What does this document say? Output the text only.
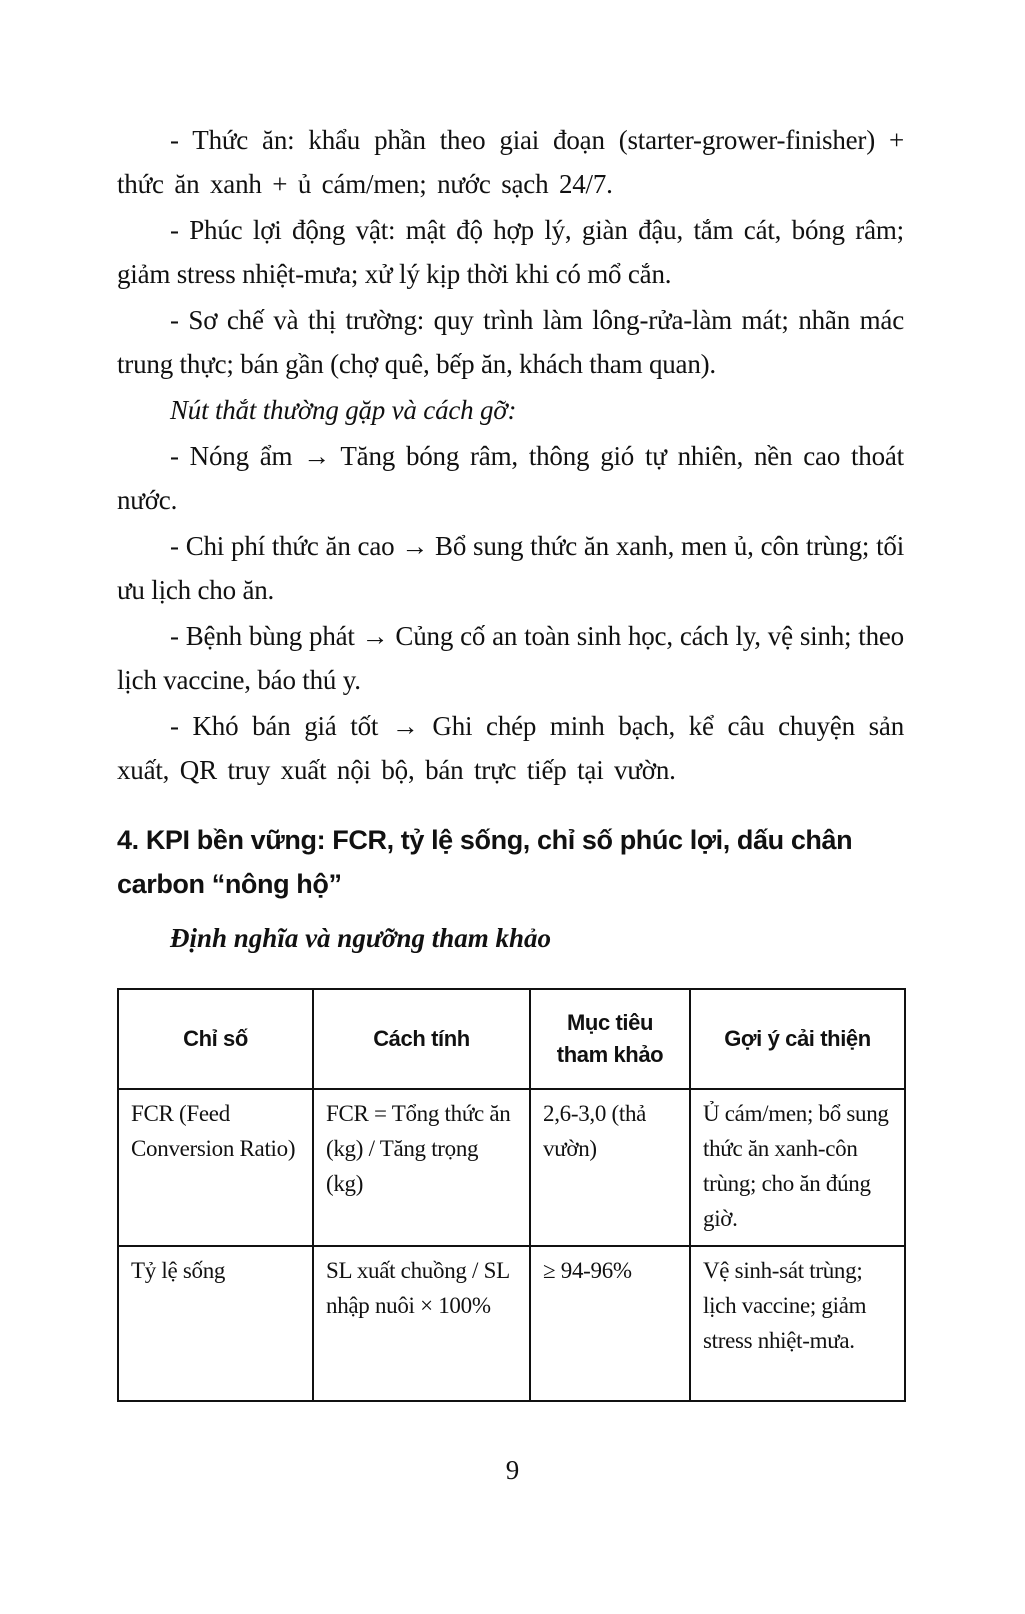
- Thức ăn: khẩu phần theo giai đoạn (starter-grower-finisher) + thức ăn xanh + ủ cám/men; nước sạch 24/7.

- Phúc lợi động vật: mật độ hợp lý, giàn đậu, tắm cát, bóng râm; giảm stress nhiệt-mưa; xử lý kịp thời khi có mổ cắn.

- Sơ chế và thị trường: quy trình làm lông-rửa-làm mát; nhãn mác trung thực; bán gần (chợ quê, bếp ăn, khách tham quan).

Nút thắt thường gặp và cách gỡ:

- Nóng ẩm → Tăng bóng râm, thông gió tự nhiên, nền cao thoát nước.

- Chi phí thức ăn cao → Bổ sung thức ăn xanh, men ủ, côn trùng; tối ưu lịch cho ăn.

- Bệnh bùng phát → Củng cố an toàn sinh học, cách ly, vệ sinh; theo lịch vaccine, báo thú y.

- Khó bán giá tốt → Ghi chép minh bạch, kể câu chuyện sản xuất, QR truy xuất nội bộ, bán trực tiếp tại vườn.

4. KPI bền vững: FCR, tỷ lệ sống, chỉ số phúc lợi, dấu chân carbon “nông hộ”
Định nghĩa và ngưỡng tham khảo
Chỉ số	Cách tính	Mục tiêu tham khảo	Gợi ý cải thiện
FCR (Feed Conversion Ratio)	FCR = Tổng thức ăn (kg) / Tăng trọng (kg)	2,6-3,0 (thả vườn)	Ủ cám/men; bổ sung thức ăn xanh-côn trùng; cho ăn đúng giờ.
Tỷ lệ sống	SL xuất chuồng / SL nhập nuôi × 100%	≥ 94-96%	Vệ sinh-sát trùng; lịch vaccine; giảm stress nhiệt-mưa.
9
